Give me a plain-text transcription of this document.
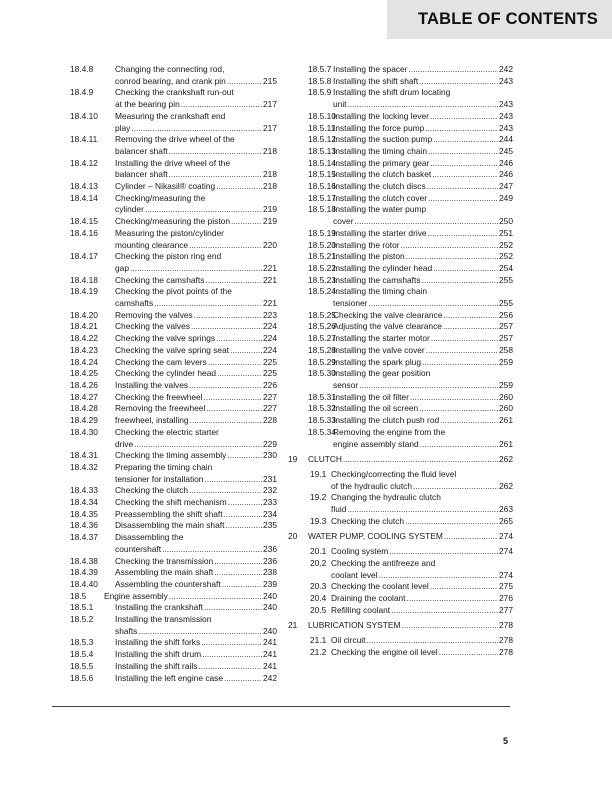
TABLE OF CONTENTS
18.4.8	Changing the connecting rod,
conrod bearing, and crank pin .....	215
18.4.9	Checking the crankshaft run-out
at the bearing pin .....	217
18.4.10	Measuring the crankshaft end
play .....	217
18.4.11	Removing the drive wheel of the
balancer shaft .....	218
18.4.12	Installing the drive wheel of the
balancer shaft .....	218
18.4.13	Cylinder – Nikasil® coating .....	218
18.4.14	Checking/measuring the
cylinder .....	219
18.4.15	Checking/measuring the piston .....	219
18.4.16	Measuring the piston/cylinder
mounting clearance .....	220
18.4.17	Checking the piston ring end
gap .....	221
18.4.18	Checking the camshafts .....	221
18.4.19	Checking the pivot points of the
camshafts .....	221
18.4.20	Removing the valves .....	223
18.4.21	Checking the valves .....	224
18.4.22	Checking the valve springs .....	224
18.4.23	Checking the valve spring seat .....	224
18.4.24	Checking the cam levers .....	225
18.4.25	Checking the cylinder head .....	225
18.4.26	Installing the valves .....	226
18.4.27	Checking the freewheel .....	227
18.4.28	Removing the freewheel .....	227
18.4.29	freewheel, installing .....	228
18.4.30	Checking the electric starter
drive .....	229
18.4.31	Checking the timing assembly .....	230
18.4.32	Preparing the timing chain
tensioner for installation .....	231
18.4.33	Checking the clutch .....	232
18.4.34	Checking the shift mechanism .....	233
18.4.35	Preassembling the shift shaft .....	234
18.4.36	Disassembling the main shaft .....	235
18.4.37	Disassembling the
countershaft .....	236
18.4.38	Checking the transmission .....	236
18.4.39	Assembling the main shaft .....	238
18.4.40	Assembling the countershaft .....	239
18.5	Engine assembly .....	240
18.5.1	Installing the crankshaft .....	240
18.5.2	Installing the transmission
shafts .....	240
18.5.3	Installing the shift forks .....	241
18.5.4	Installing the shift drum .....	241
18.5.5	Installing the shift rails .....	241
18.5.6	Installing the left engine case .....	242
18.5.7 Installing the spacer .....	242
18.5.8 Installing the shift shaft .....	243
18.5.9 Installing the shift drum locating
unit .....	243
18.5.10
Installing the locking lever .....	243
18.5.11
Installing the force pump .....	243
18.5.12
Installing the suction pump .....	244
18.5.13
Installing the timing chain .....	245
18.5.14
Installing the primary gear .....	246
18.5.15
Installing the clutch basket .....	246
18.5.16
Installing the clutch discs .....	247
18.5.17
Installing the clutch cover .....	249
18.5.18
Installing the water pump
cover .....	250
18.5.19
Installing the starter drive .....	251
18.5.20
Installing the rotor .....	252
18.5.21
Installing the piston .....	252
18.5.22
Installing the cylinder head .....	254
18.5.23
Installing the camshafts .....	255
18.5.24
Installing the timing chain
tensioner .....	255
18.5.25
Checking the valve clearance .....	256
18.5.26
Adjusting the valve clearance .....	257
18.5.27
Installing the starter motor .....	257
18.5.28
Installing the valve cover .....	258
18.5.29
Installing the spark plug .....	259
18.5.30
Installing the gear position
sensor .....	259
18.5.31
Installing the oil filter .....	260
18.5.32
Installing the oil screen .....	260
18.5.33
Installing the clutch push rod .....	261
18.5.34
Removing the engine from the
engine assembly stand .....	261
19	CLUTCH .....	262
19.1 Checking/correcting the fluid level
of the hydraulic clutch .....	262
19.2 Changing the hydraulic clutch
fluid .....	263
19.3 Checking the clutch .....	265
20	WATER PUMP, COOLING SYSTEM .....	274
20.1 Cooling system .....	274
20.2 Checking the antifreeze and
coolant level .....	274
20.3 Checking the coolant level .....	275
20.4 Draining the coolant .....	276
20.5 Refilling coolant .....	277
21	LUBRICATION SYSTEM .....	278
21.1 Oil circuit .....	278
21.2 Checking the engine oil level .....	278
5
